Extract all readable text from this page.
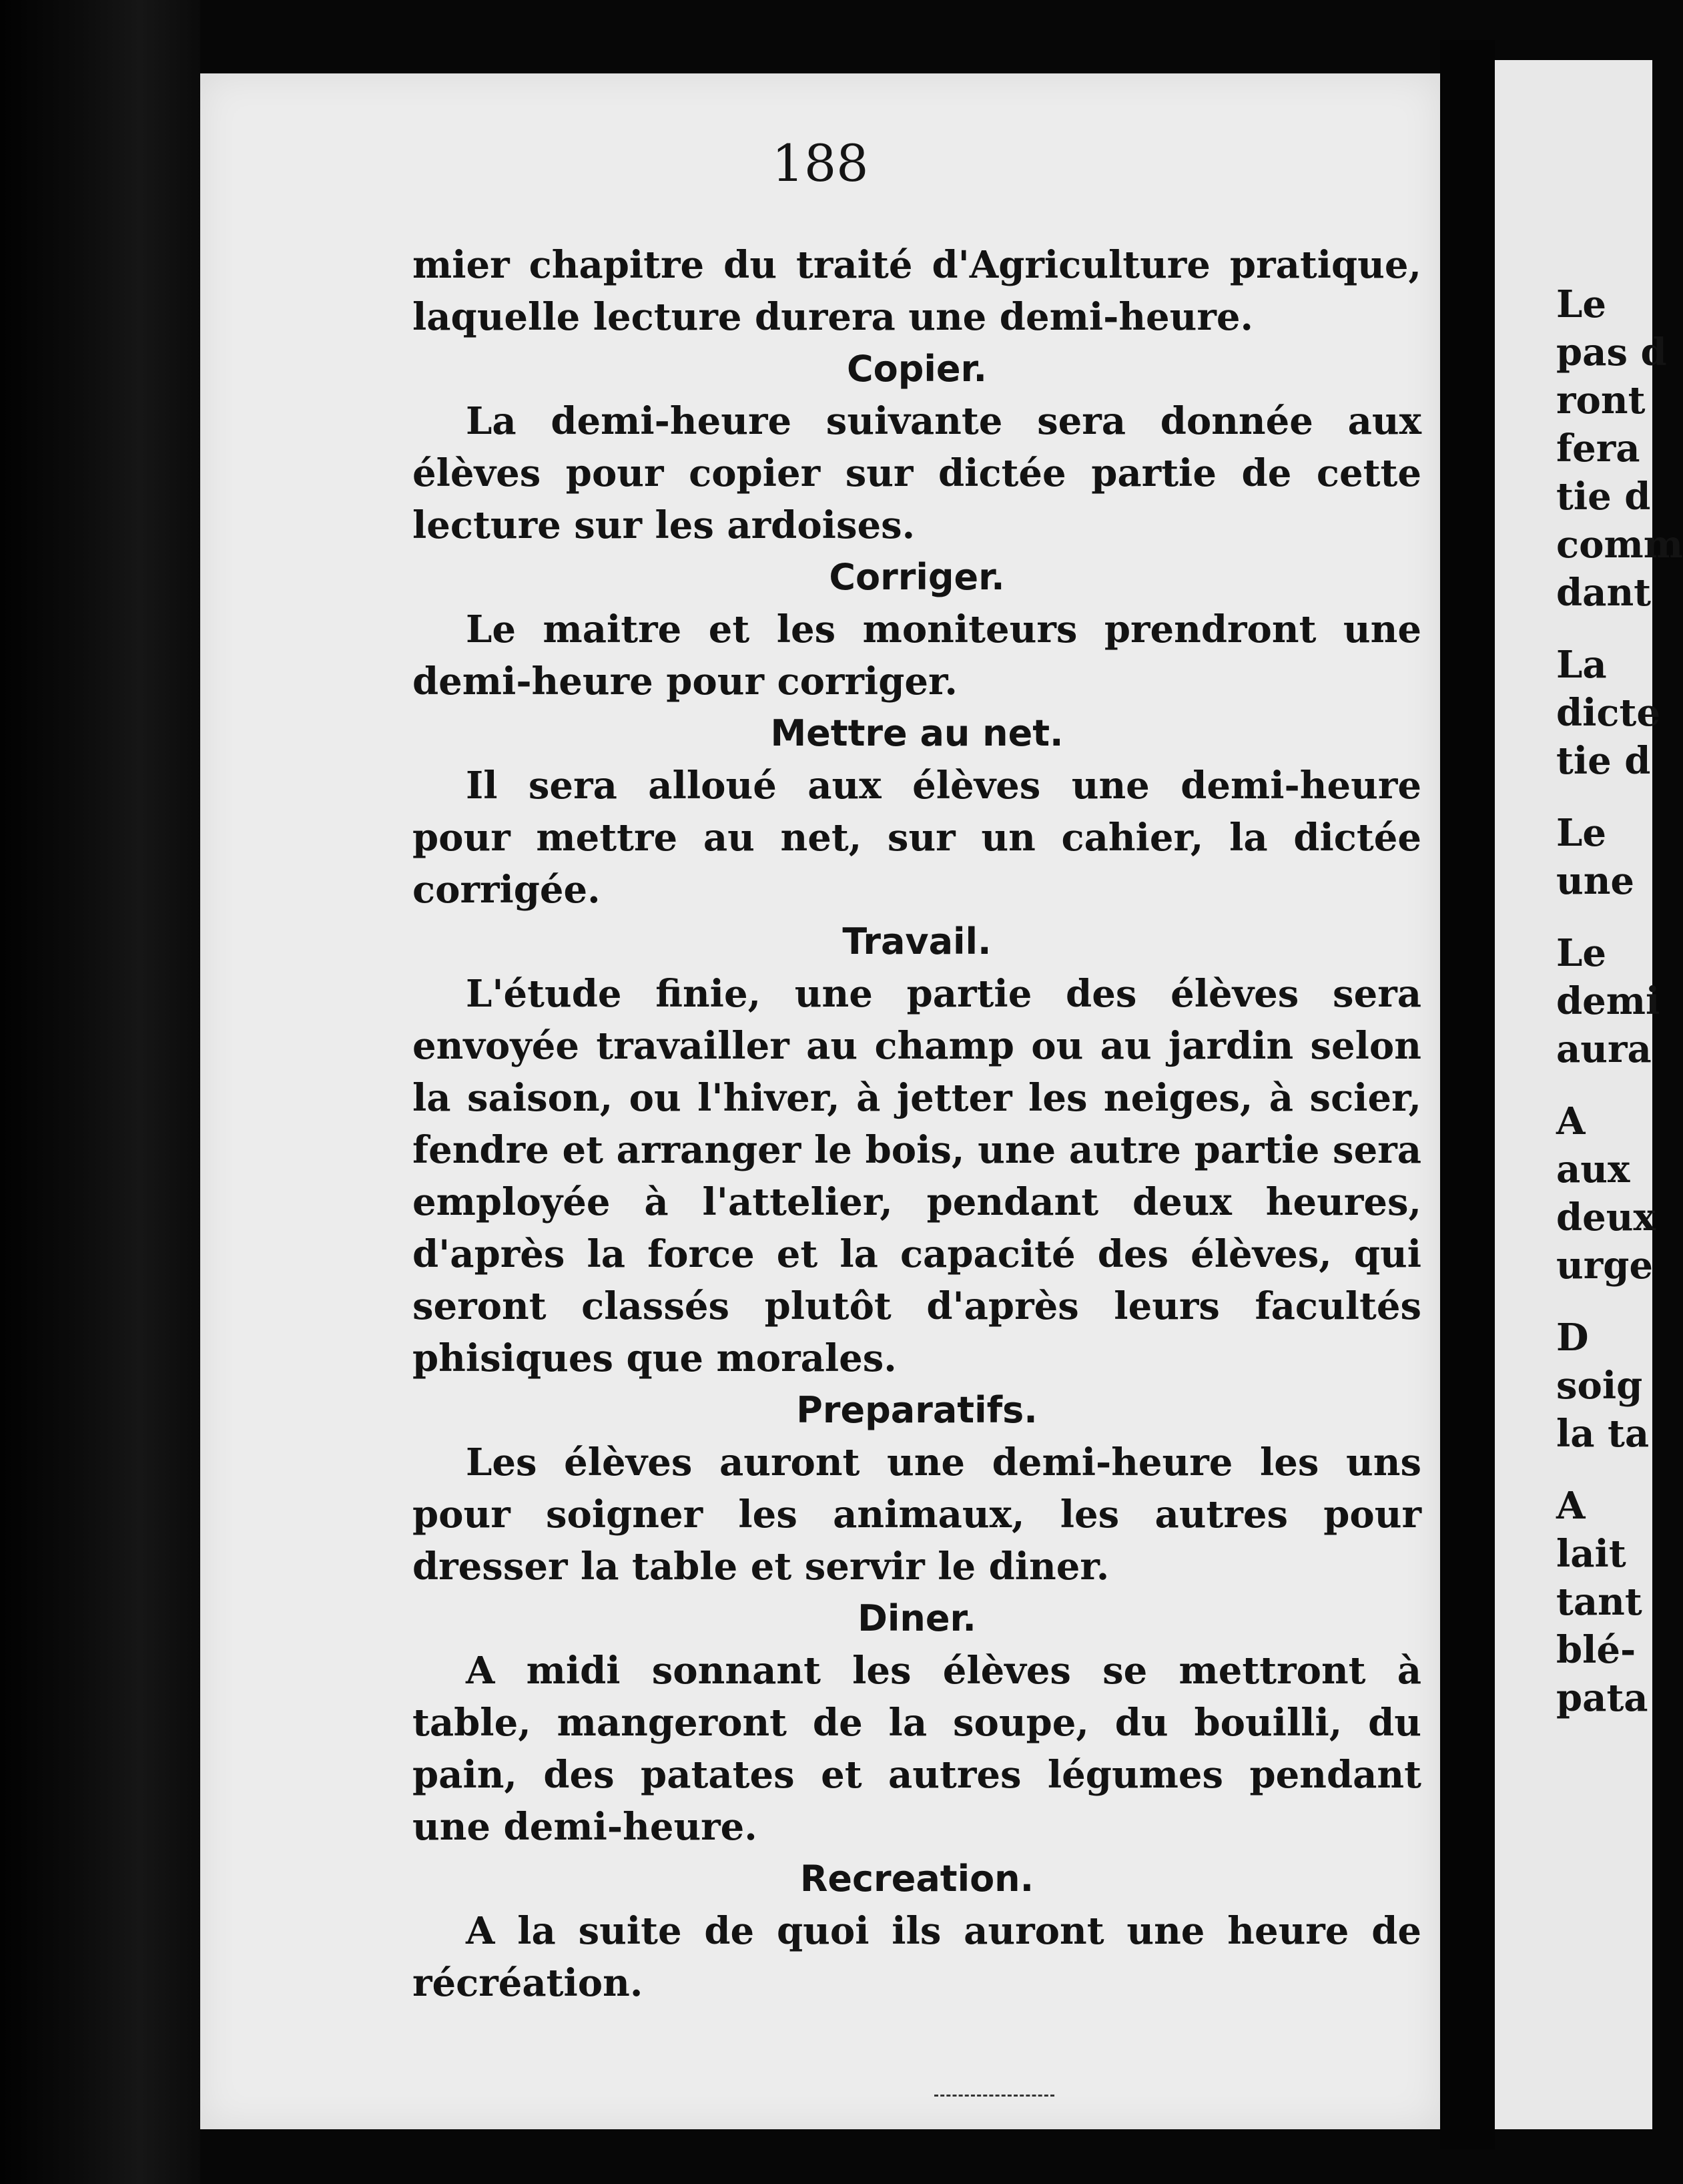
188

mier chapitre du traité d'Agriculture pratique, laquelle lecture durera une demi-heure.

Copier.

La demi-heure suivante sera donnée aux élèves pour copier sur dictée partie de cette lecture sur les ardoises.

Corriger.

Le maitre et les moniteurs prendront une demi-heure pour corriger.

Mettre au net.

Il sera alloué aux élèves une demi-heure pour mettre au net, sur un cahier, la dictée corrigée.

Travail.

L'étude finie, une partie des élèves sera envoyée travailler au champ ou au jardin selon la saison, ou l'hiver, à jetter les neiges, à scier, fendre et arranger le bois, une autre partie sera employée à l'attelier, pendant deux heures, d'après la force et la capacité des élèves, qui seront classés plutôt d'après leurs facultés phisiques que morales.

Preparatifs.

Les élèves auront une demi-heure les uns pour soigner les animaux, les autres pour dresser la table et servir le diner.

Diner.

A midi sonnant les élèves se mettront à table, mangeront de la soupe, du bouilli, du pain, des patates et autres légumes pendant une demi-heure.

Recreation.

A la suite de quoi ils auront une heure de récréation.

Le
pas d
ront
fera
tie d
comm
dant
La
dicte
tie d
Le
une
Le
demi
aura
A
aux
deux
urge
D
soig
la ta
A
lait
tant
blé-
pata
